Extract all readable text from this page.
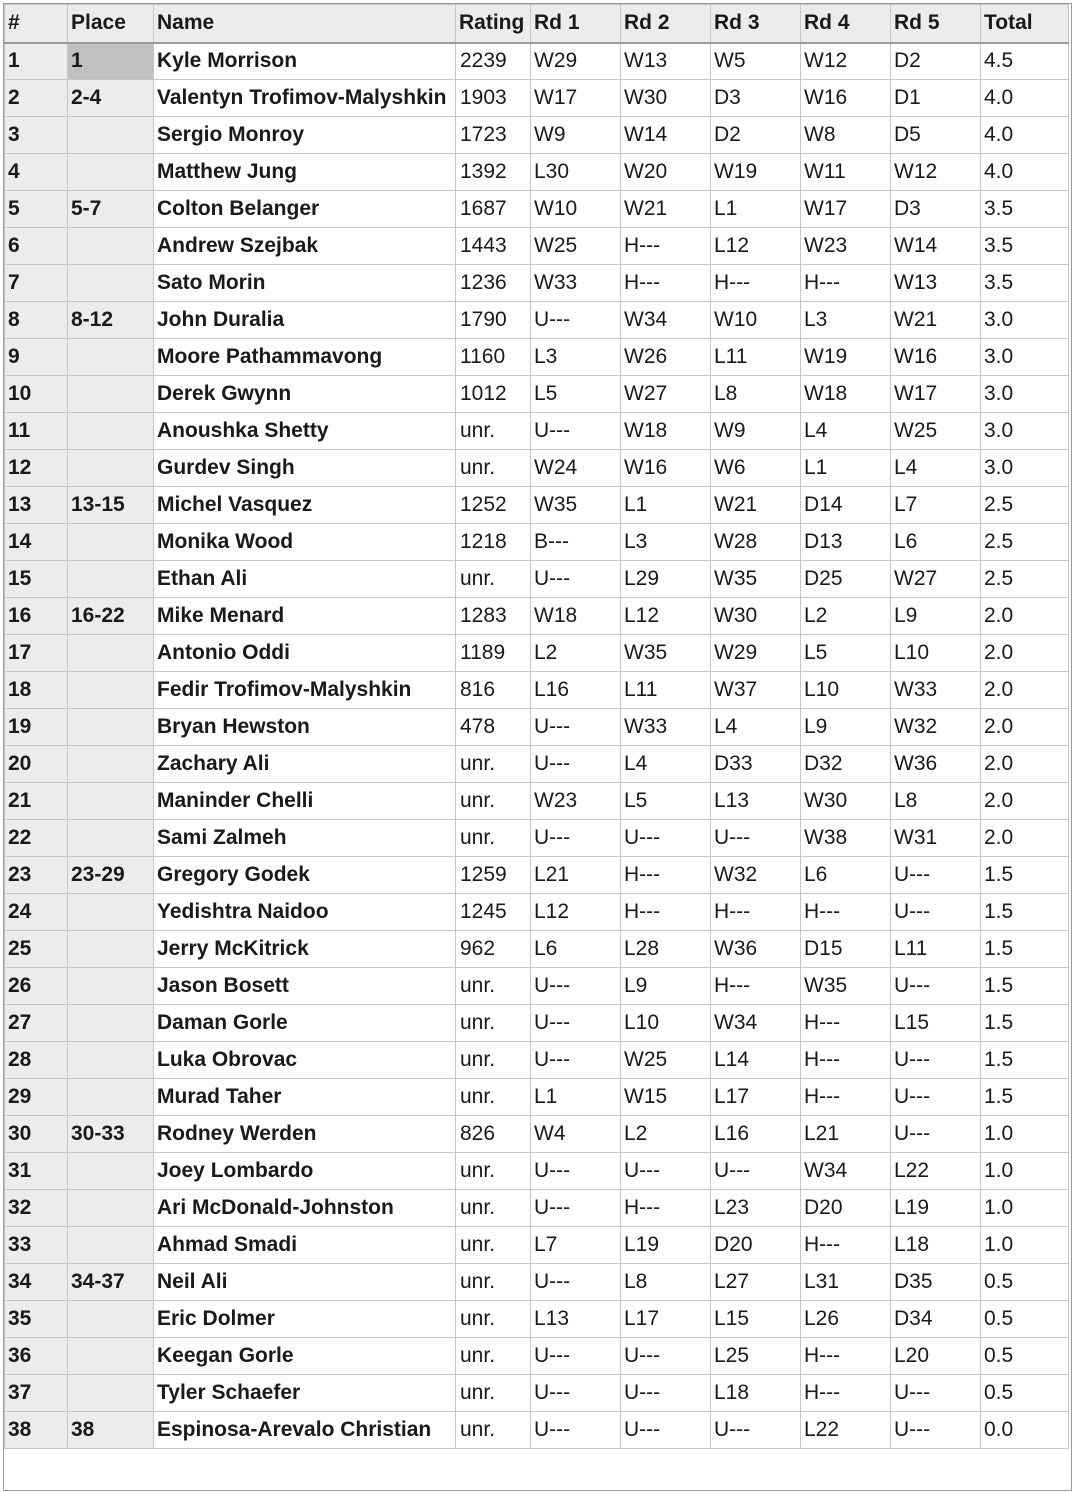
#	Place	Name	Rating	Rd 1	Rd 2	Rd 3	Rd 4	Rd 5	Total
1	1	Kyle Morrison	2239	W29	W13	W5	W12	D2	4.5
2	2-4	Valentyn Trofimov-Malyshkin	1903	W17	W30	D3	W16	D1	4.0
3		Sergio Monroy	1723	W9	W14	D2	W8	D5	4.0
4		Matthew Jung	1392	L30	W20	W19	W11	W12	4.0
5	5-7	Colton Belanger	1687	W10	W21	L1	W17	D3	3.5
6		Andrew Szejbak	1443	W25	H---	L12	W23	W14	3.5
7		Sato Morin	1236	W33	H---	H---	H---	W13	3.5
8	8-12	John Duralia	1790	U---	W34	W10	L3	W21	3.0
9		Moore Pathammavong	1160	L3	W26	L11	W19	W16	3.0
10		Derek Gwynn	1012	L5	W27	L8	W18	W17	3.0
11		Anoushka Shetty	unr.	U---	W18	W9	L4	W25	3.0
12		Gurdev Singh	unr.	W24	W16	W6	L1	L4	3.0
13	13-15	Michel Vasquez	1252	W35	L1	W21	D14	L7	2.5
14		Monika Wood	1218	B---	L3	W28	D13	L6	2.5
15		Ethan Ali	unr.	U---	L29	W35	D25	W27	2.5
16	16-22	Mike Menard	1283	W18	L12	W30	L2	L9	2.0
17		Antonio Oddi	1189	L2	W35	W29	L5	L10	2.0
18		Fedir Trofimov-Malyshkin	816	L16	L11	W37	L10	W33	2.0
19		Bryan Hewston	478	U---	W33	L4	L9	W32	2.0
20		Zachary Ali	unr.	U---	L4	D33	D32	W36	2.0
21		Maninder Chelli	unr.	W23	L5	L13	W30	L8	2.0
22		Sami Zalmeh	unr.	U---	U---	U---	W38	W31	2.0
23	23-29	Gregory Godek	1259	L21	H---	W32	L6	U---	1.5
24		Yedishtra Naidoo	1245	L12	H---	H---	H---	U---	1.5
25		Jerry McKitrick	962	L6	L28	W36	D15	L11	1.5
26		Jason Bosett	unr.	U---	L9	H---	W35	U---	1.5
27		Daman Gorle	unr.	U---	L10	W34	H---	L15	1.5
28		Luka Obrovac	unr.	U---	W25	L14	H---	U---	1.5
29		Murad Taher	unr.	L1	W15	L17	H---	U---	1.5
30	30-33	Rodney Werden	826	W4	L2	L16	L21	U---	1.0
31		Joey Lombardo	unr.	U---	U---	U---	W34	L22	1.0
32		Ari McDonald-Johnston	unr.	U---	H---	L23	D20	L19	1.0
33		Ahmad Smadi	unr.	L7	L19	D20	H---	L18	1.0
34	34-37	Neil Ali	unr.	U---	L8	L27	L31	D35	0.5
35		Eric Dolmer	unr.	L13	L17	L15	L26	D34	0.5
36		Keegan Gorle	unr.	U---	U---	L25	H---	L20	0.5
37		Tyler Schaefer	unr.	U---	U---	L18	H---	U---	0.5
38	38	Espinosa-Arevalo Christian	unr.	U---	U---	U---	L22	U---	0.0
